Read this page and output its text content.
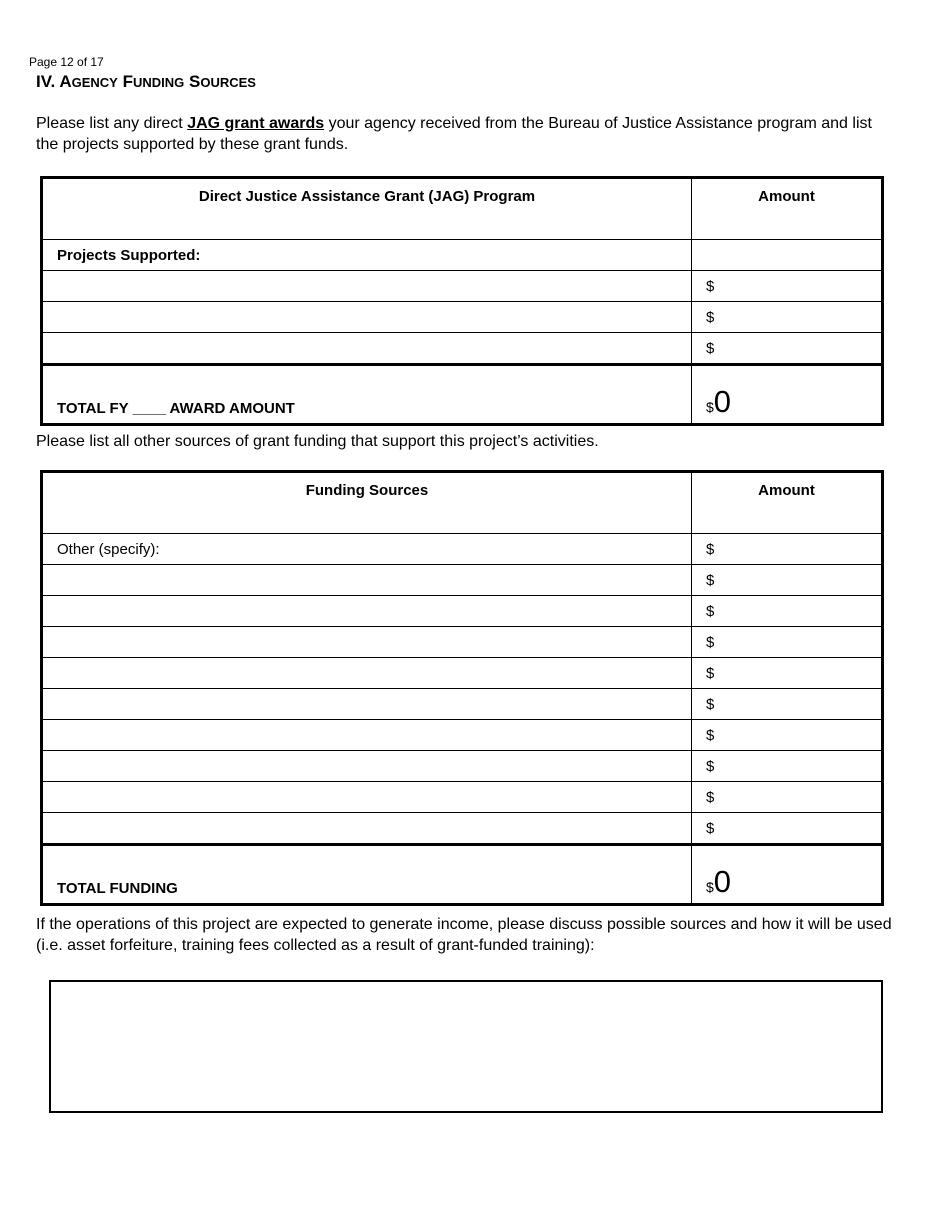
Page 12 of 17
IV. AGENCY FUNDING SOURCES
Please list any direct JAG grant awards your agency received from the Bureau of Justice Assistance program and list the projects supported by these grant funds.
Direct Justice Assistance Grant (JAG) Program	Amount
Projects Supported:	
	$
	$
	$
TOTAL FY ____ AWARD AMOUNT	$0
Please list all other sources of grant funding that support this project’s activities.
Funding Sources	Amount
Other (specify):	$
	$
	$
	$
	$
	$
	$
	$
	$
	$
TOTAL FUNDING	$0
If the operations of this project are expected to generate income, please discuss possible sources and how it will be used (i.e. asset forfeiture, training fees collected as a result of grant-funded training):
